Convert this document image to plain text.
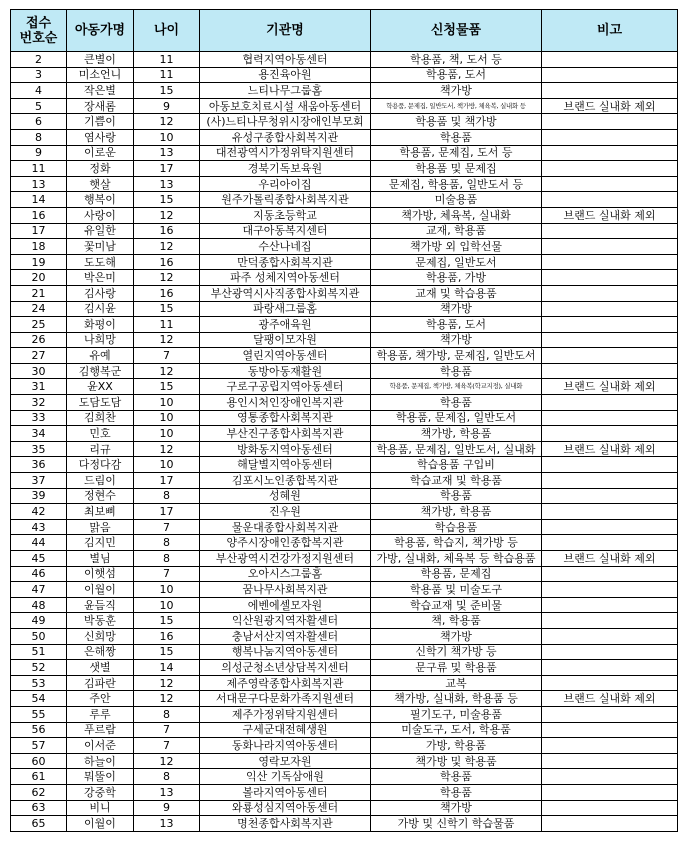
접수
번호순	아동가명	나이	기관명	신청물품	비고
2	큰별이	11	협력지역아동센터	학용품, 책, 도서 등	
3	미소언니	11	용진육아원	학용품, 도서	
4	작은별	15	느티나무그룹홈	책가방	
5	장새롬	9	아동보호치료시설 새움아동센터	학용품, 문제집, 일반도서, 책가방, 체육복, 실내화 등	브랜드 실내화 제외
6	기쁨이	12	(사)느티나무청위시장애인부모회	학용품 및 책가방	
8	염사랑	10	유성구종합사회복지관	학용품	
9	이로운	13	대전광역시가정위탁지원센터	학용품, 문제집, 도서 등	
11	정화	17	경북기독보육원	학용품 및 문제집	
13	햇살	13	우리아이집	문제집, 학용품, 일반도서 등	
14	행복이	15	원주가톨릭종합사회복지관	미술용품	
16	사랑이	12	지동초등학교	책가방, 체육복, 실내화	브랜드 실내화 제외
17	유일한	16	대구아동복지센터	교재, 학용품	
18	꽃미남	12	수산나네집	책가방 외 입학선물	
19	도도해	16	만덕종합사회복지관	문제집, 일반도서	
20	박은미	12	파주 성체지역아동센터	학용품, 가방	
21	김사랑	16	부산광역시사직종합사회복지관	교재 및 학습용품	
24	김시윤	15	파랑새그룹홈	책가방	
25	화평이	11	광주애육원	학용품, 도서	
26	나희망	12	달팽이모자원	책가방	
27	유예	7	열린지역아동센터	학용품, 책가방, 문제집, 일반도서	
30	김행복군	12	동방아동재활원	학용품	
31	윤XX	15	구로구공립지역아동센터	학용품, 문제집, 책가방, 체육복(학교지정), 실내화	브랜드 실내화 제외
32	도담도담	10	용인시처인장애인복지관	학용품	
33	김희찬	10	영통종합사회복지관	학용품, 문제집, 일반도서	
34	민호	10	부산진구종합사회복지관	책가방, 학용품	
35	리규	12	방화동지역아동센터	학용품, 문제집, 일반도서, 실내화	브랜드 실내화 제외
36	다정다감	10	해달별지역아동센터	학습용품 구입비	
37	드림이	17	김포시노인종합복지관	학습교재 및 학용품	
39	정현수	8	성혜원	학용품	
42	최보삐	17	진우원	책가방, 학용품	
43	맑음	7	물운대종합사회복지관	학습용품	
44	김지민	8	양주시장애인종합복지관	학용품, 학습지, 책가방 등	
45	별님	8	부산광역시건강가정지원센터	가방, 실내화, 체육복 등 학습용품	브랜드 실내화 제외
46	이햇섬	7	오아시스그룹홈	학용품, 문제집	
47	이월이	10	꿈나무사회복지관	학용품 및 미술도구	
48	윤듬직	10	에벤에셀모자원	학습교재 및 준비물	
49	박동훈	15	익산원광지역자활센터	책, 학용품	
50	신희망	16	충남서산지역자활센터	책가방	
51	은해짱	15	행복나눔지역아동센터	신학기 책가방 등	
52	샛별	14	의성군청소년상담복지센터	문구류 및 학용품	
53	김파란	12	제주영락종합사회복지관	교복	
54	주안	12	서대문구다문화가족지원센터	책가방, 실내화, 학용품 등	브랜드 실내화 제외
55	루루	8	제주가정위탁지원센터	필기도구, 미술용품	
56	푸르람	7	구세군대전혜생원	미술도구, 도서, 학용품	
57	이서준	7	동화나라지역아동센터	가방, 학용품	
60	하늘이	12	영락모자원	책가방 및 학용품	
61	뭐뚤이	8	익산 기독삼애원	학용품	
62	강중학	13	볼라지역아동센터	학용품	
63	비니	9	와룡성심지역아동센터	책가방	
65	이월이	13	명천종합사회복지관	가방 및 신학기 학습물품	
